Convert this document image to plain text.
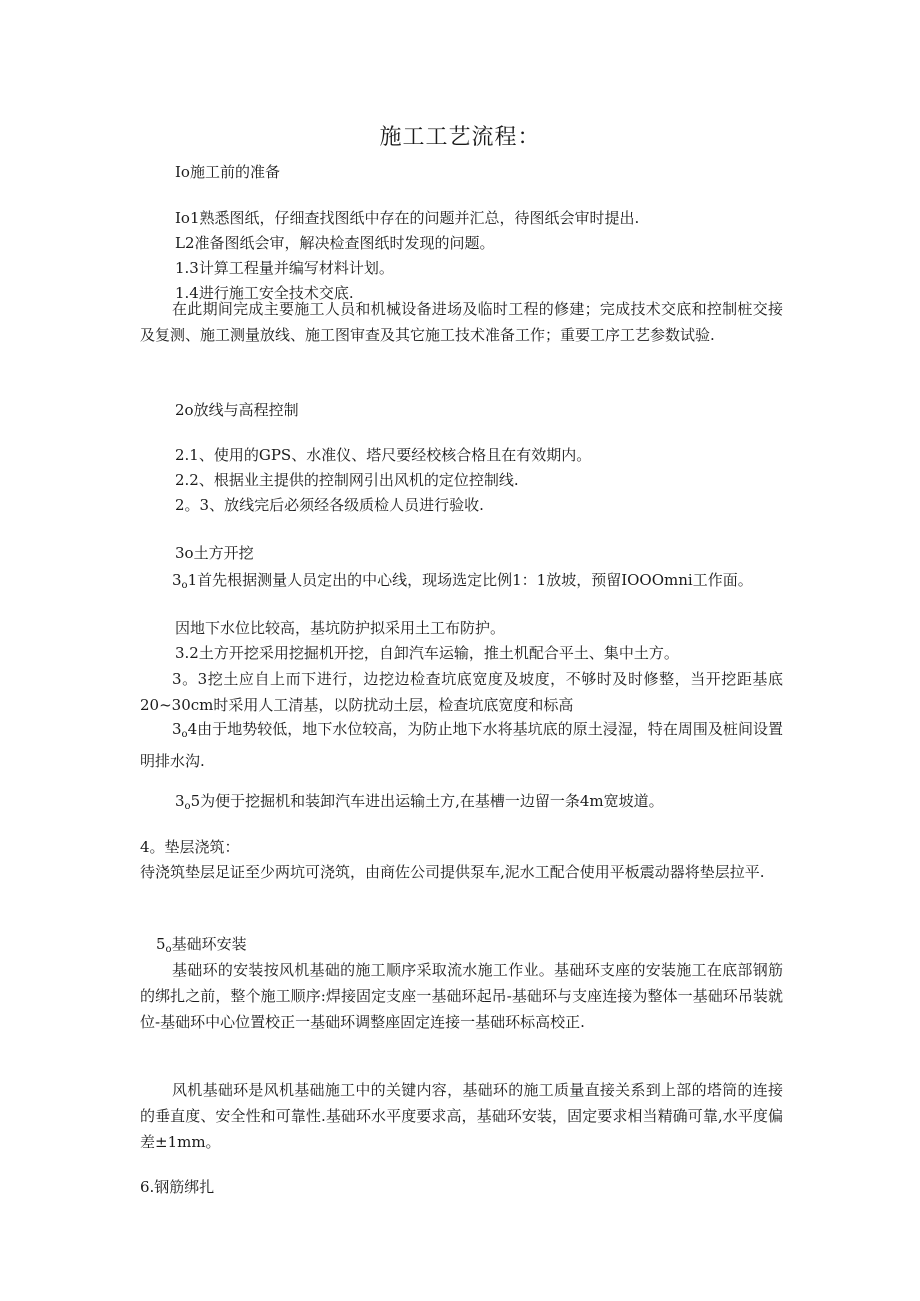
施工工艺流程：

Io施工前的准备

Io1熟悉图纸，仔细查找图纸中存在的问题并汇总，待图纸会审时提出.

L2准备图纸会审，解决检查图纸时发现的问题。

1.3计算工程量并编写材料计划。

1.4进行施工安全技术交底.

在此期间完成主要施工人员和机械设备进场及临时工程的修建；完成技术交底和控制桩交接及复测、施工测量放线、施工图审查及其它施工技术准备工作；重要工序工艺参数试验.

2o放线与高程控制

2.1、使用的GPS、水准仪、塔尺要经校核合格且在有效期内。

2.2、根据业主提供的控制网引出风机的定位控制线.

2。3、放线完后必须经各级质检人员进行验收.

3o土方开挖

$3_o1$首先根据测量人员定出的中心线，现场选定比例1：1放坡，预留IOOOmni工作面。

因地下水位比较高，基坑防护拟采用土工布防护。

3.2土方开挖采用挖掘机开挖，自卸汽车运输，推土机配合平土、集中土方。

3。3挖土应自上而下进行，边挖边检查坑底宽度及坡度，不够时及时修整，当开挖距基底20~30cm时采用人工清基，以防扰动土层，检查坑底宽度和标高

$3_o4$由于地势较低，地下水位较高，为防止地下水将基坑底的原土浸湿，特在周围及桩间设置明排水沟.

$3_o5$为便于挖掘机和装卸汽车进出运输土方,在基槽一边留一条4m宽坡道。

4。垫层浇筑：

待浇筑垫层足证至少两坑可浇筑，由商佐公司提供泵车,泥水工配合使用平板震动器将垫层拉平.

$5_o$基础环安装

基础环的安装按风机基础的施工顺序采取流水施工作业。基础环支座的安装施工在底部钢筋的绑扎之前，整个施工顺序:焊接固定支座一基础环起吊-基础环与支座连接为整体一基础环吊装就位-基础环中心位置校正一基础环调整座固定连接一基础环标高校正.

风机基础环是风机基础施工中的关键内容，基础环的施工质量直接关系到上部的塔筒的连接的垂直度、安全性和可靠性.基础环水平度要求高，基础环安装，固定要求相当精确可靠,水平度偏差±1mm。

6.钢筋绑扎
